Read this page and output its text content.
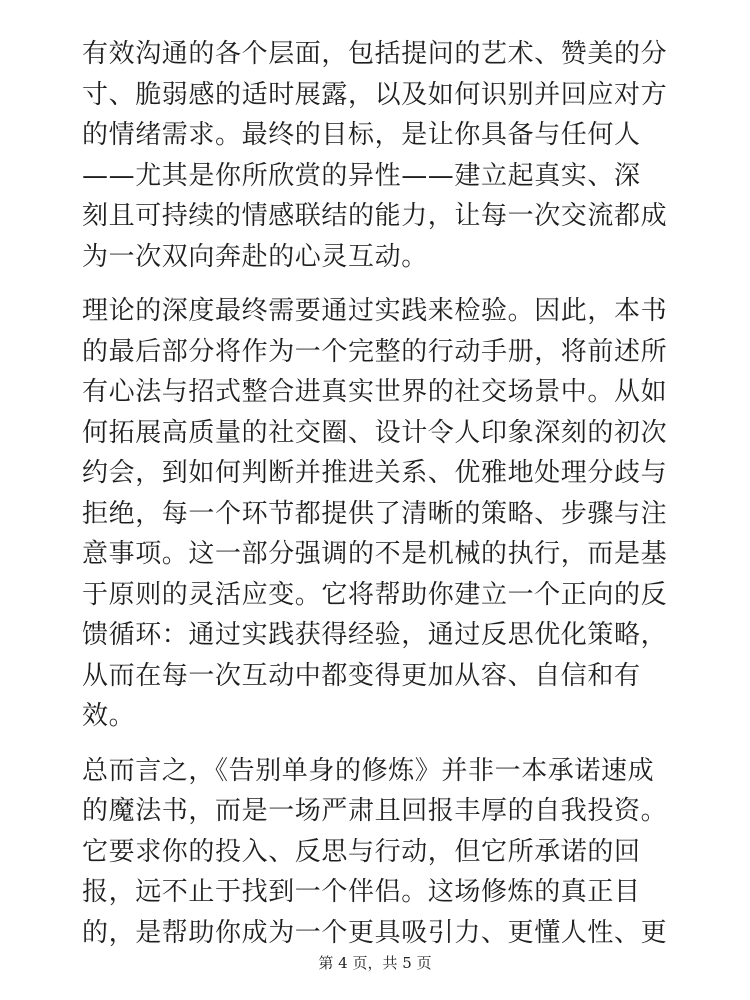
有效沟通的各个层面，包括提问的艺术、赞美的分
寸、脆弱感的适时展露，以及如何识别并回应对方
的情绪需求。最终的目标，是让你具备与任何人
——尤其是你所欣赏的异性——建立起真实、深
刻且可持续的情感联结的能力，让每一次交流都成
为一次双向奔赴的心灵互动。

理论的深度最终需要通过实践来检验。因此，本书
的最后部分将作为一个完整的行动手册，将前述所
有心法与招式整合进真实世界的社交场景中。从如
何拓展高质量的社交圈、设计令人印象深刻的初次
约会，到如何判断并推进关系、优雅地处理分歧与
拒绝，每一个环节都提供了清晰的策略、步骤与注
意事项。这一部分强调的不是机械的执行，而是基
于原则的灵活应变。它将帮助你建立一个正向的反
馈循环：通过实践获得经验，通过反思优化策略，
从而在每一次互动中都变得更加从容、自信和有
效。

总而言之，《告别单身的修炼》并非一本承诺速成
的魔法书，而是一场严肃且回报丰厚的自我投资。
它要求你的投入、反思与行动，但它所承诺的回
报，远不止于找到一个伴侣。这场修炼的真正目
的，是帮助你成为一个更具吸引力、更懂人性、更

第 4 页，共 5 页
